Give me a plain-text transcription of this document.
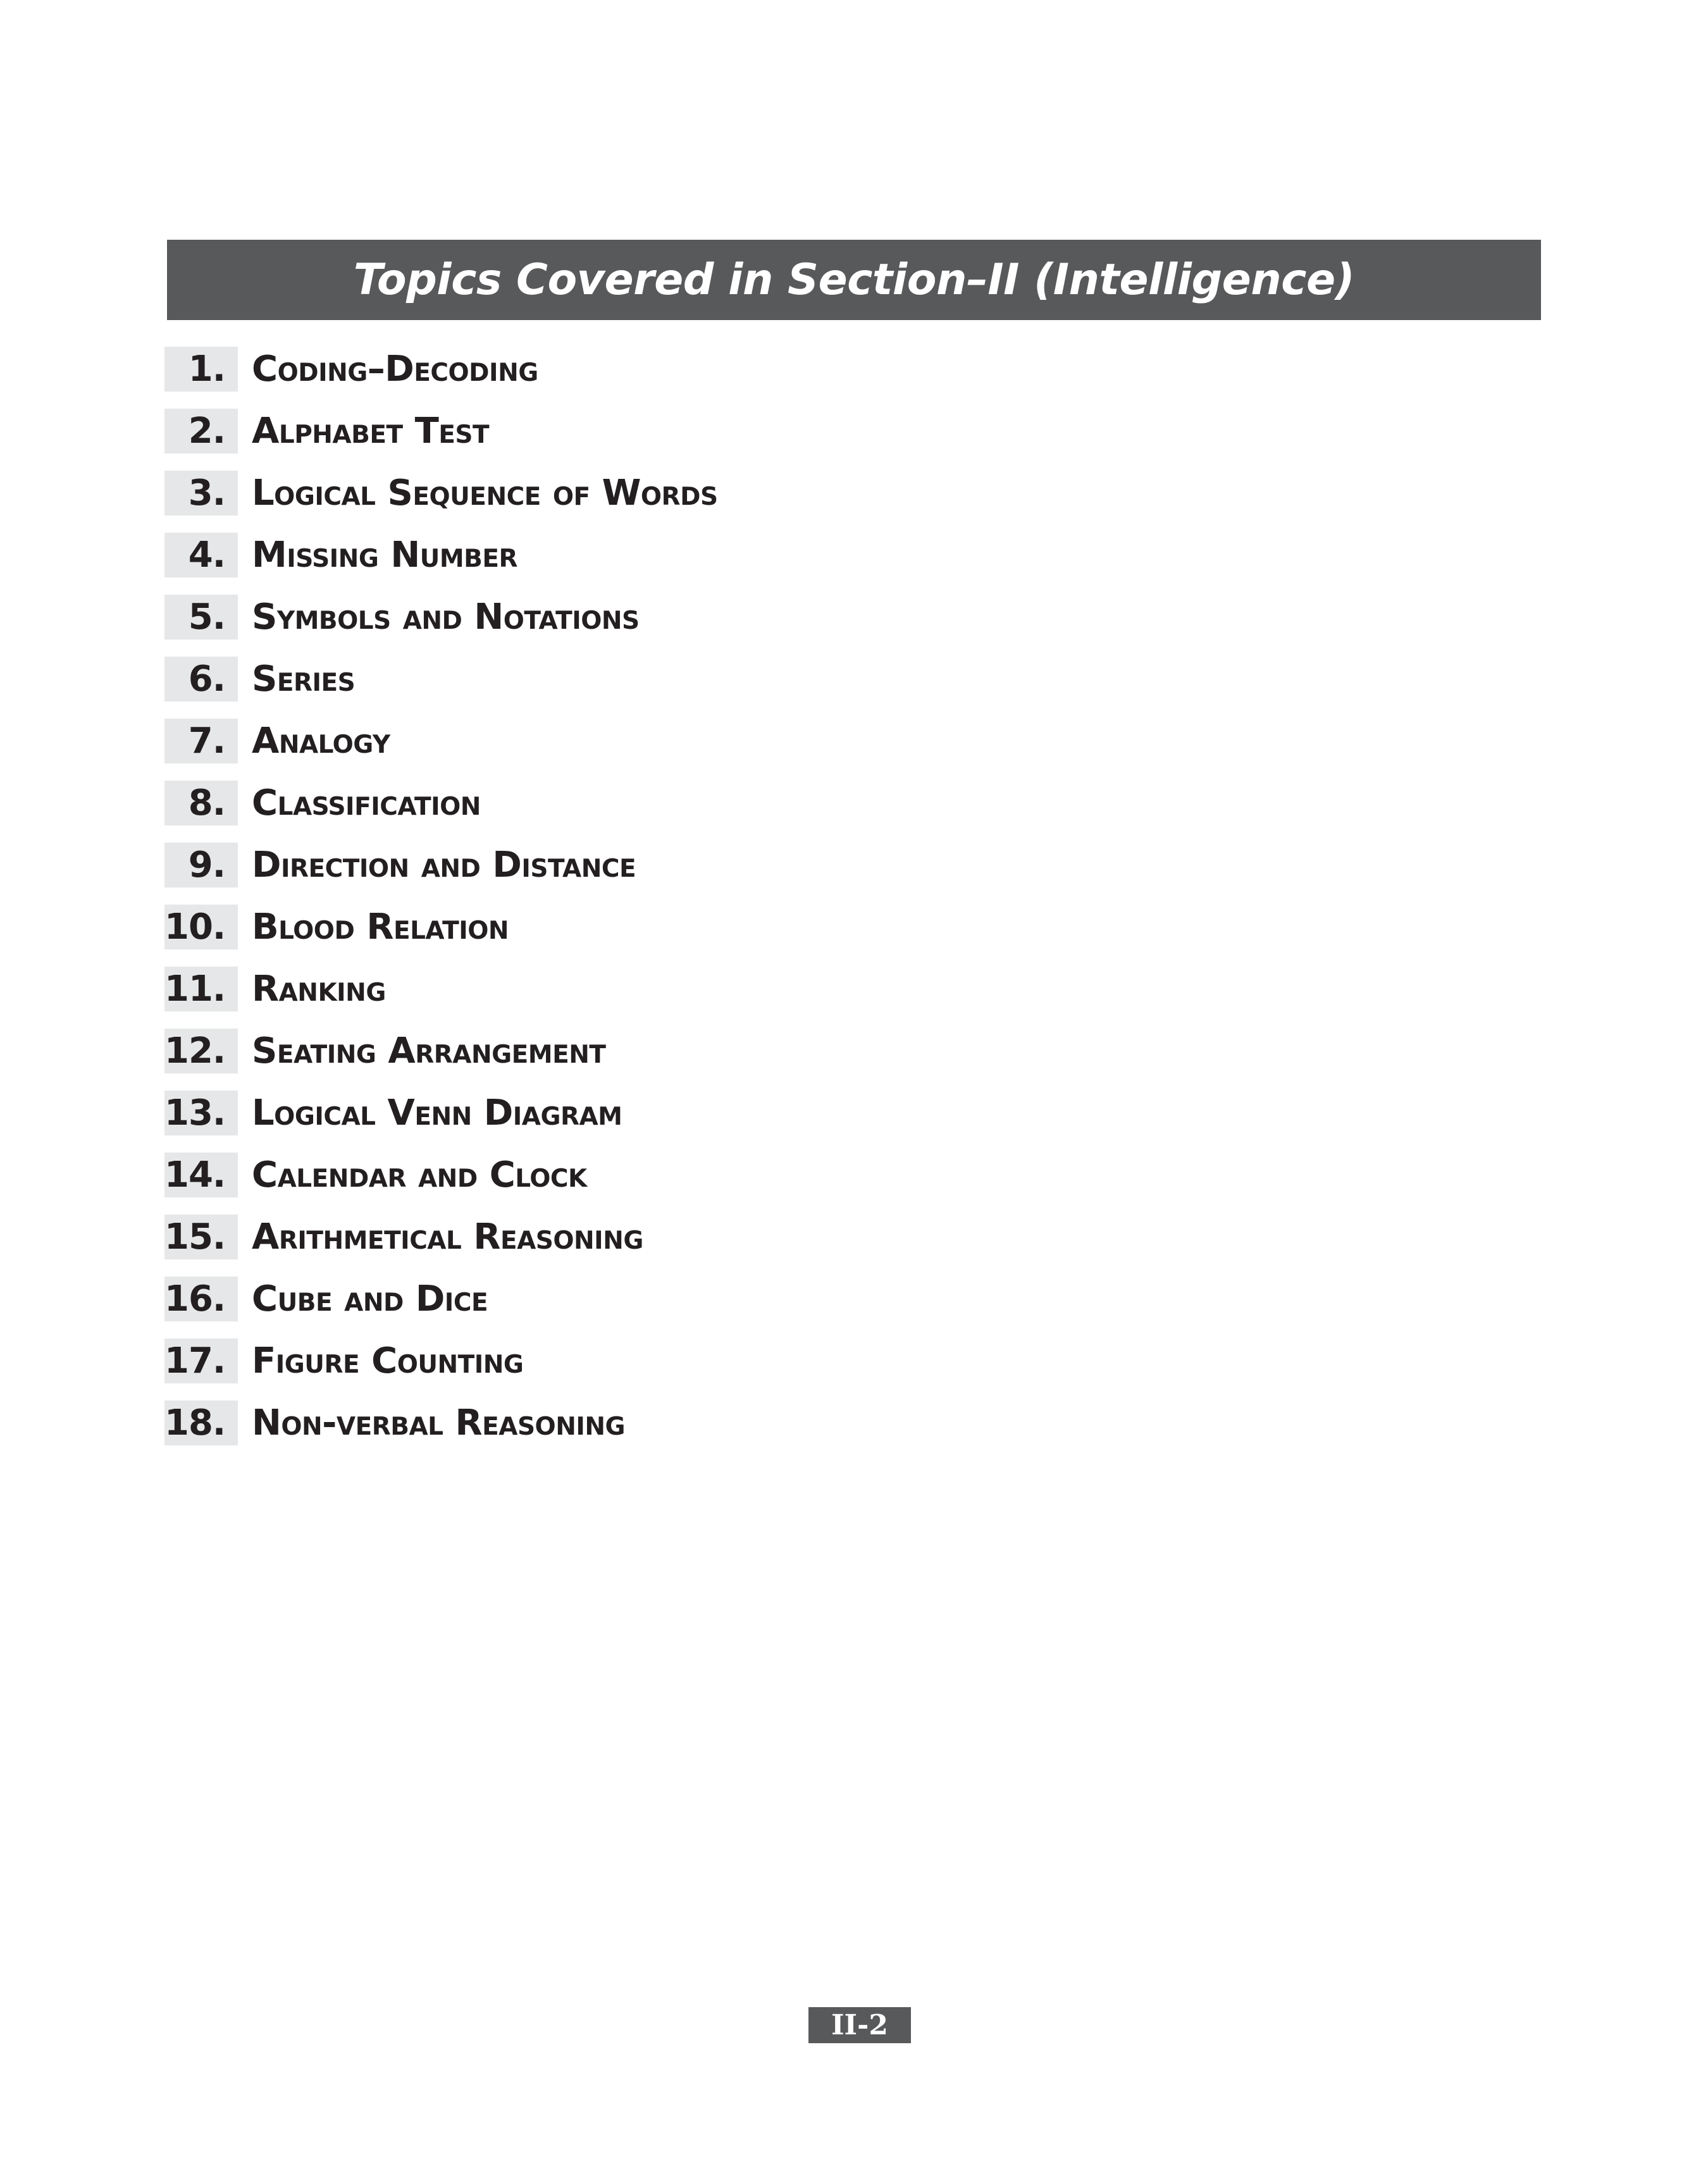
Topics Covered in Section–II (Intelligence)
1. Coding–Decoding
2. Alphabet Test
3. Logical Sequence of Words
4. Missing Number
5. Symbols and Notations
6. Series
7. Analogy
8. Classification
9. Direction and Distance
10. Blood Relation
11. Ranking
12. Seating Arrangement
13. Logical Venn Diagram
14. Calendar and Clock
15. Arithmetical Reasoning
16. Cube and Dice
17. Figure Counting
18. Non-verbal Reasoning
II-2
